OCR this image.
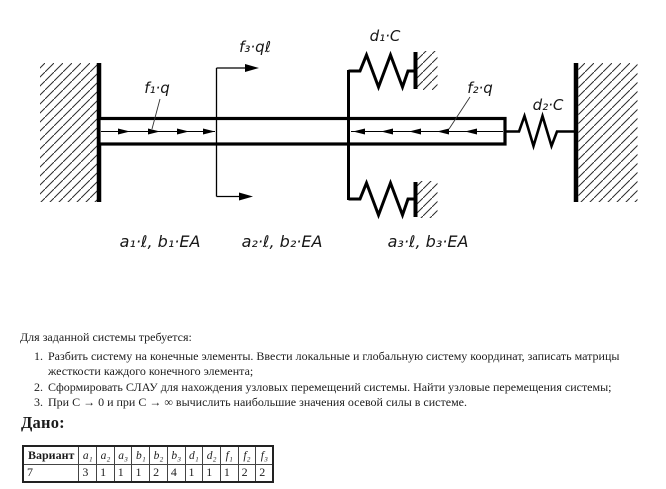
f₁·q
f₃·qℓ
d₁·C
f₂·q
d₂·C
a₁·ℓ, b₁·EA	a₂·ℓ, b₂·EA	a₃·ℓ, b₃·EA
Для заданной системы требуется:
1. Разбить систему на конечные элементы. Ввести локальные и глобальную систему координат, записать матрицы жесткости каждого конечного элемента;
2. Сформировать СЛАУ для нахождения узловых перемещений системы. Найти узловые перемещения системы;
3. При С → 0 и при С → ∞ вычислить наибольшие значения осевой силы в системе.
Дано:
Вариант	a₁	a₂	a₃	b₁	b₂	b₃	d₁	d₂	f₁	f₂	f₃
7	3	1	1	1	2	4	1	1	1	2	2
